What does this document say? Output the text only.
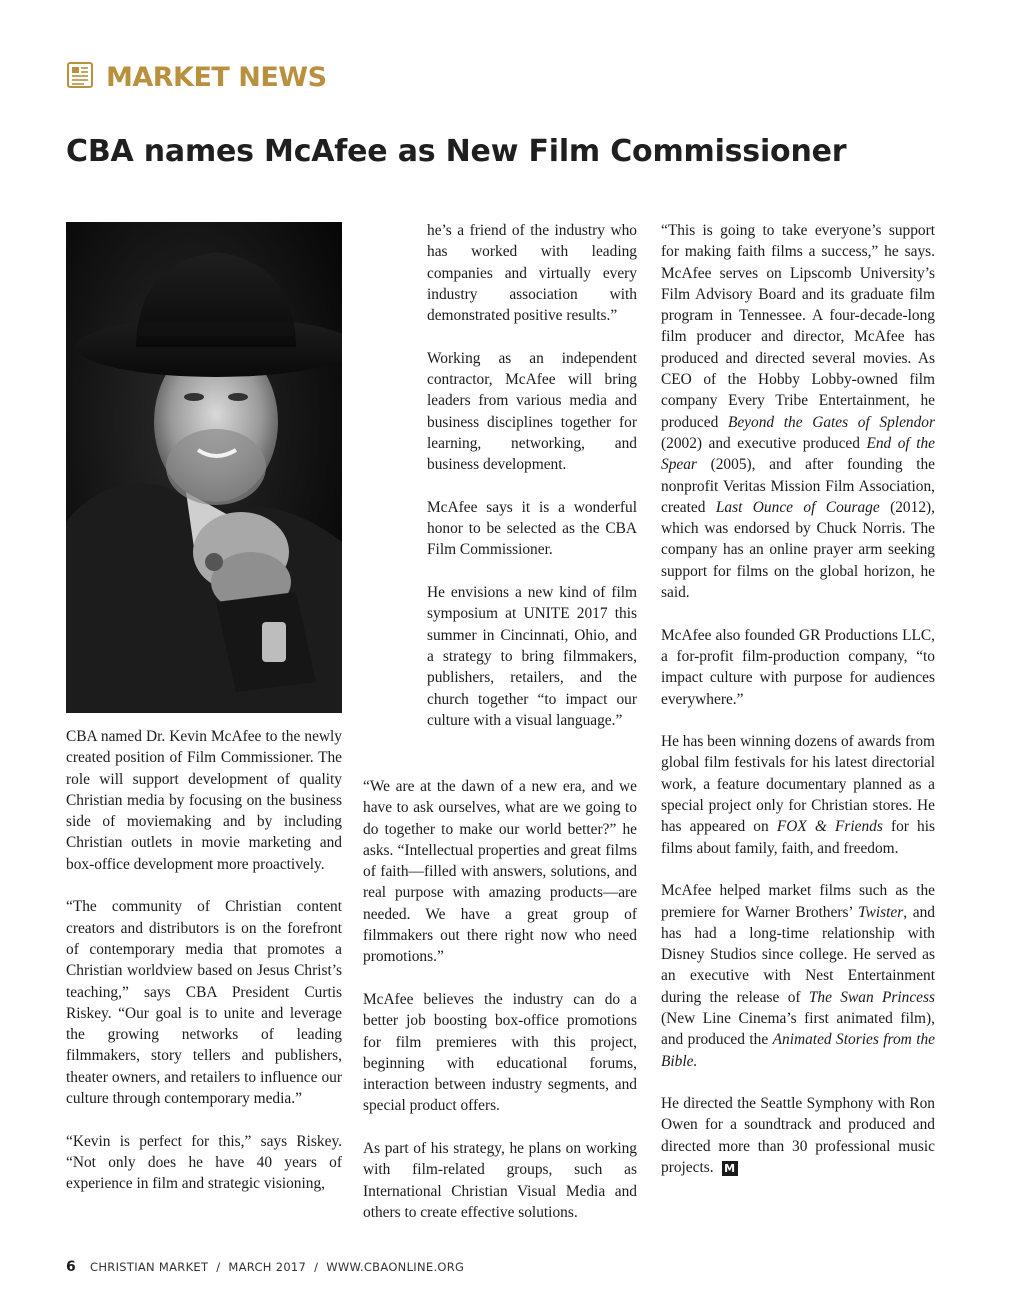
MARKET NEWS
CBA names McAfee as New Film Commissioner

CBA named Dr. Kevin McAfee to the newly created position of Film Commissioner. The role will support development of quality Christian media by focusing on the business side of moviemaking and by including Christian outlets in movie marketing and box-office development more proactively.

“The community of Christian content creators and distributors is on the forefront of contemporary media that promotes a Christian worldview based on Jesus Christ’s teaching,” says CBA President Curtis Riskey. “Our goal is to unite and leverage the growing networks of leading filmmakers, story tellers and publishers, theater owners, and retailers to influence our culture through contemporary media.”

“Kevin is perfect for this,” says Riskey. “Not only does he have 40 years of experience in film and strategic visioning,

he’s a friend of the industry who has worked with leading companies and virtually every industry association with demonstrated positive results.”

Working as an independent contractor, McAfee will bring leaders from various media and business disciplines together for learning, networking, and business development.

McAfee says it is a wonderful honor to be selected as the CBA Film Commissioner.

He envisions a new kind of film symposium at UNITE 2017 this summer in Cincinnati, Ohio, and a strategy to bring filmmakers, publishers, retailers, and the church together “to impact our culture with a visual language.”

“We are at the dawn of a new era, and we have to ask ourselves, what are we going to do together to make our world better?” he asks. “Intellectual properties and great films of faith—filled with answers, solutions, and real purpose with amazing products—are needed. We have a great group of filmmakers out there right now who need promotions.”

McAfee believes the industry can do a better job boosting box-office promotions for film premieres with this project, beginning with educational forums, interaction between industry segments, and special product offers.

As part of his strategy, he plans on working with film-related groups, such as International Christian Visual Media and others to create effective solutions.

“This is going to take everyone’s support for making faith films a success,” he says. McAfee serves on Lipscomb University’s Film Advisory Board and its graduate film program in Tennessee. A four-decade-long film producer and director, McAfee has produced and directed several movies. As CEO of the Hobby Lobby-owned film company Every Tribe Entertainment, he produced Beyond the Gates of Splendor (2002) and executive produced End of the Spear (2005), and after founding the nonprofit Veritas Mission Film Association, created Last Ounce of Courage (2012), which was endorsed by Chuck Norris. The company has an online prayer arm seeking support for films on the global horizon, he said.

McAfee also founded GR Productions LLC, a for-profit film-production company, “to impact culture with purpose for audiences everywhere.”

He has been winning dozens of awards from global film festivals for his latest directorial work, a feature documentary planned as a special project only for Christian stores. He has appeared on FOX & Friends for his films about family, faith, and freedom.

McAfee helped market films such as the premiere for Warner Brothers’ Twister, and has had a long-time relationship with Disney Studios since college. He served as an executive with Nest Entertainment during the release of The Swan Princess (New Line Cinema’s first animated film), and produced the Animated Stories from the Bible.

He directed the Seattle Symphony with Ron Owen for a soundtrack and produced and directed more than 30 professional music projects. M

6 CHRISTIAN MARKET / MARCH 2017 / WWW.CBAONLINE.ORG
